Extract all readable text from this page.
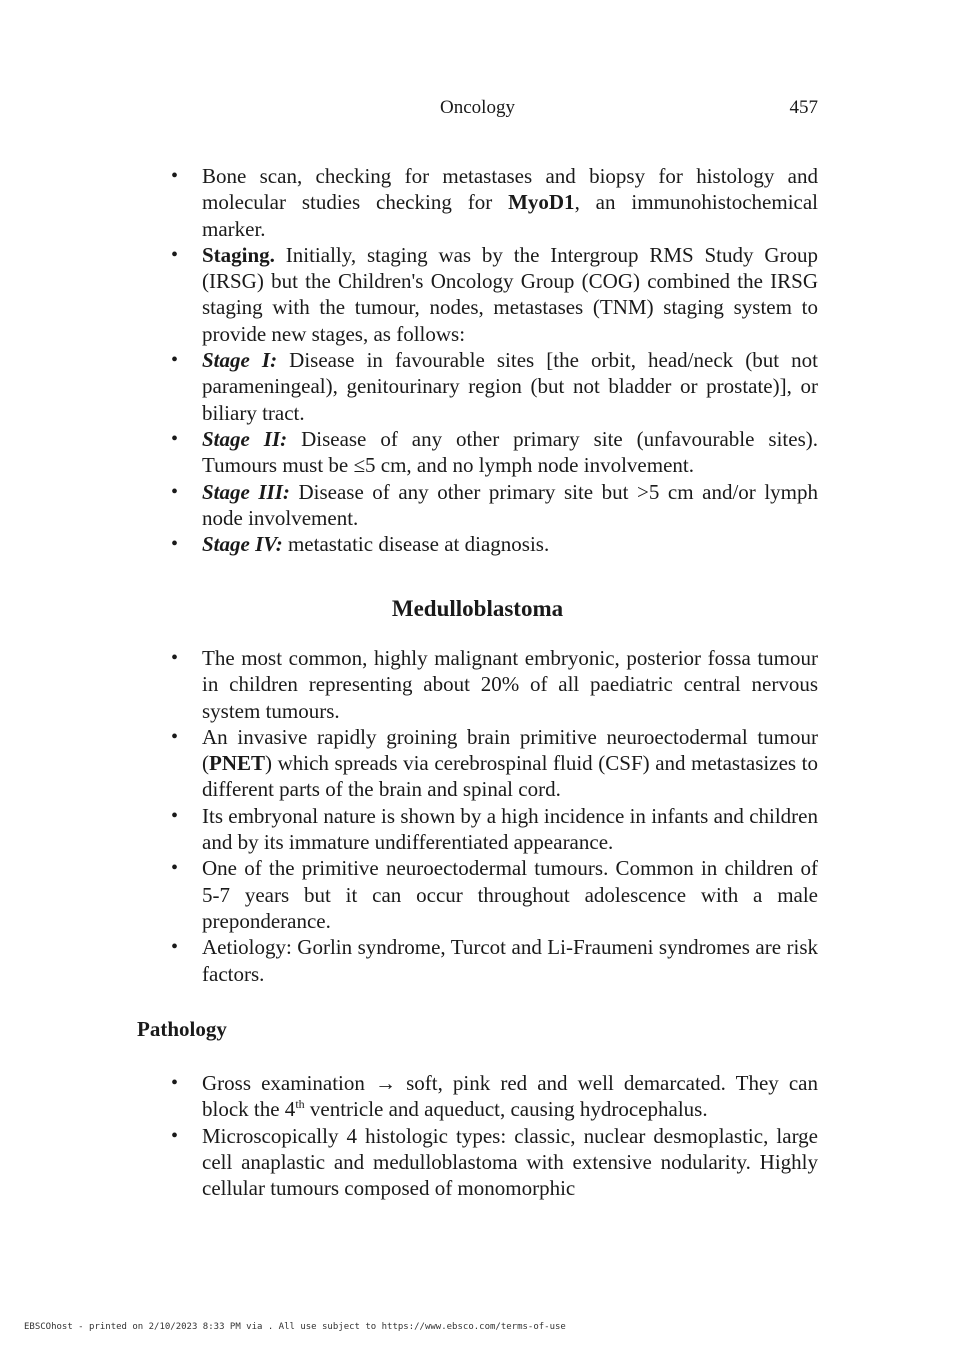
Oncology	457
• Bone scan, checking for metastases and biopsy for histology and molecular studies checking for MyoD1, an immunohistochemical marker.
• Staging. Initially, staging was by the Intergroup RMS Study Group (IRSG) but the Children's Oncology Group (COG) combined the IRSG staging with the tumour, nodes, metastases (TNM) staging system to provide new stages, as follows:
• Stage I: Disease in favourable sites [the orbit, head/neck (but not parameningeal), genitourinary region (but not bladder or prostate)], or biliary tract.
• Stage II: Disease of any other primary site (unfavourable sites). Tumours must be ≤5 cm, and no lymph node involvement.
• Stage III: Disease of any other primary site but >5 cm and/or lymph node involvement.
• Stage IV: metastatic disease at diagnosis.
Medulloblastoma
• The most common, highly malignant embryonic, posterior fossa tumour in children representing about 20% of all paediatric central nervous system tumours.
• An invasive rapidly groining brain primitive neuroectodermal tumour (PNET) which spreads via cerebrospinal fluid (CSF) and metastasizes to different parts of the brain and spinal cord.
• Its embryonal nature is shown by a high incidence in infants and children and by its immature undifferentiated appearance.
• One of the primitive neuroectodermal tumours. Common in children of 5-7 years but it can occur throughout adolescence with a male preponderance.
• Aetiology: Gorlin syndrome, Turcot and Li-Fraumeni syndromes are risk factors.
Pathology
• Gross examination → soft, pink red and well demarcated. They can block the 4th ventricle and aqueduct, causing hydrocephalus.
• Microscopically 4 histologic types: classic, nuclear desmoplastic, large cell anaplastic and medulloblastoma with extensive nodularity. Highly cellular tumours composed of monomorphic
EBSCOhost - printed on 2/10/2023 8:33 PM via . All use subject to https://www.ebsco.com/terms-of-use
